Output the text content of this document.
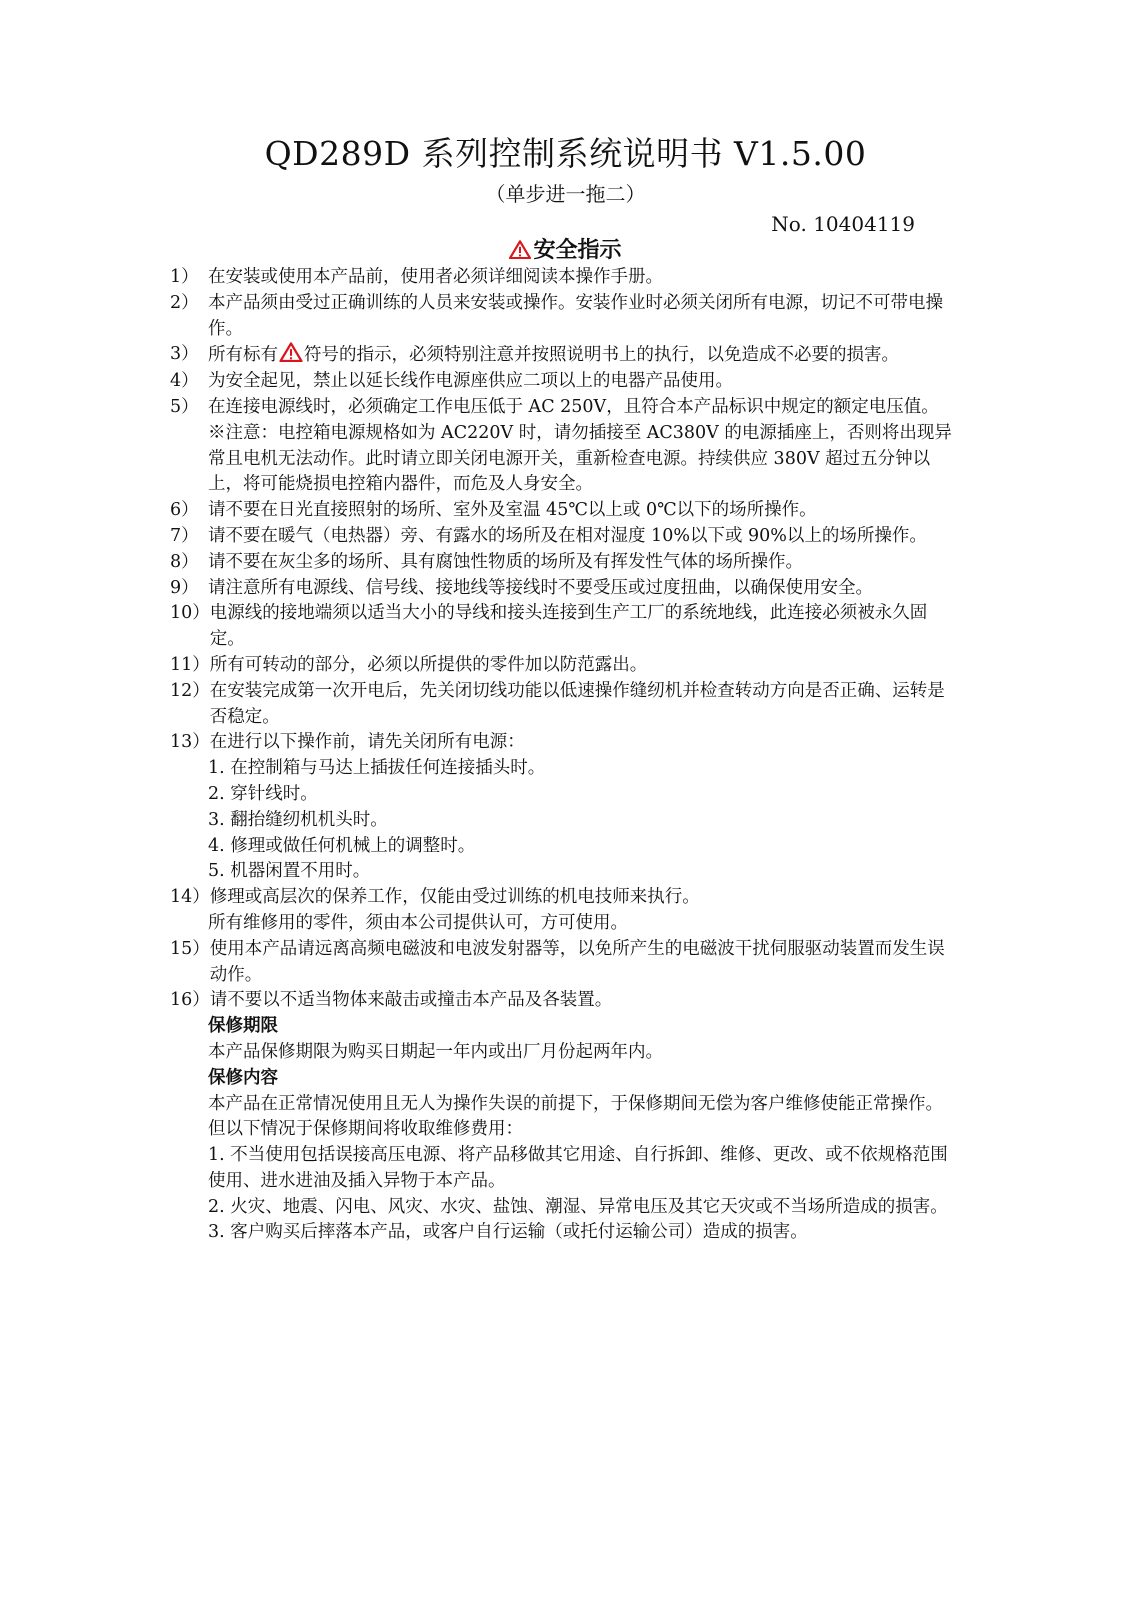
QD289D 系列控制系统说明书 V1.5.00
（单步进一拖二）
No. 10404119
安全指示
1） 在安装或使用本产品前，使用者必须详细阅读本操作手册。
2） 本产品须由受过正确训练的人员来安装或操作。安装作业时必须关闭所有电源，切记不可带电操作。
3） 所有标有 符号的指示，必须特别注意并按照说明书上的执行，以免造成不必要的损害。
4） 为安全起见，禁止以延长线作电源座供应二项以上的电器产品使用。
5） 在连接电源线时，必须确定工作电压低于 AC 250V，且符合本产品标识中规定的额定电压值。
※注意：电控箱电源规格如为 AC220V 时，请勿插接至 AC380V 的电源插座上，否则将出现异常且电机无法动作。此时请立即关闭电源开关，重新检查电源。持续供应 380V 超过五分钟以上，将可能烧损电控箱内器件，而危及人身安全。
6） 请不要在日光直接照射的场所、室外及室温 45℃以上或 0℃以下的场所操作。
7） 请不要在暖气（电热器）旁、有露水的场所及在相对湿度 10%以下或 90%以上的场所操作。
8） 请不要在灰尘多的场所、具有腐蚀性物质的场所及有挥发性气体的场所操作。
9） 请注意所有电源线、信号线、接地线等接线时不要受压或过度扭曲，以确保使用安全。
10） 电源线的接地端须以适当大小的导线和接头连接到生产工厂的系统地线，此连接必须被永久固定。
11） 所有可转动的部分，必须以所提供的零件加以防范露出。
12） 在安装完成第一次开电后，先关闭切线功能以低速操作缝纫机并检查转动方向是否正确、运转是否稳定。
13） 在进行以下操作前，请先关闭所有电源：
1. 在控制箱与马达上插拔任何连接插头时。
2. 穿针线时。
3. 翻抬缝纫机机头时。
4. 修理或做任何机械上的调整时。
5. 机器闲置不用时。
14） 修理或高层次的保养工作，仅能由受过训练的机电技师来执行。
所有维修用的零件，须由本公司提供认可，方可使用。
15） 使用本产品请远离高频电磁波和电波发射器等，以免所产生的电磁波干扰伺服驱动装置而发生误动作。
16） 请不要以不适当物体来敲击或撞击本产品及各装置。
保修期限
本产品保修期限为购买日期起一年内或出厂月份起两年内。
保修内容
本产品在正常情况使用且无人为操作失误的前提下，于保修期间无偿为客户维修使能正常操作。
但以下情况于保修期间将收取维修费用：
1. 不当使用包括误接高压电源、将产品移做其它用途、自行拆卸、维修、更改、或不依规格范围使用、进水进油及插入异物于本产品。
2. 火灾、地震、闪电、风灾、水灾、盐蚀、潮湿、异常电压及其它天灾或不当场所造成的损害。
3. 客户购买后摔落本产品，或客户自行运输（或托付运输公司）造成的损害。
